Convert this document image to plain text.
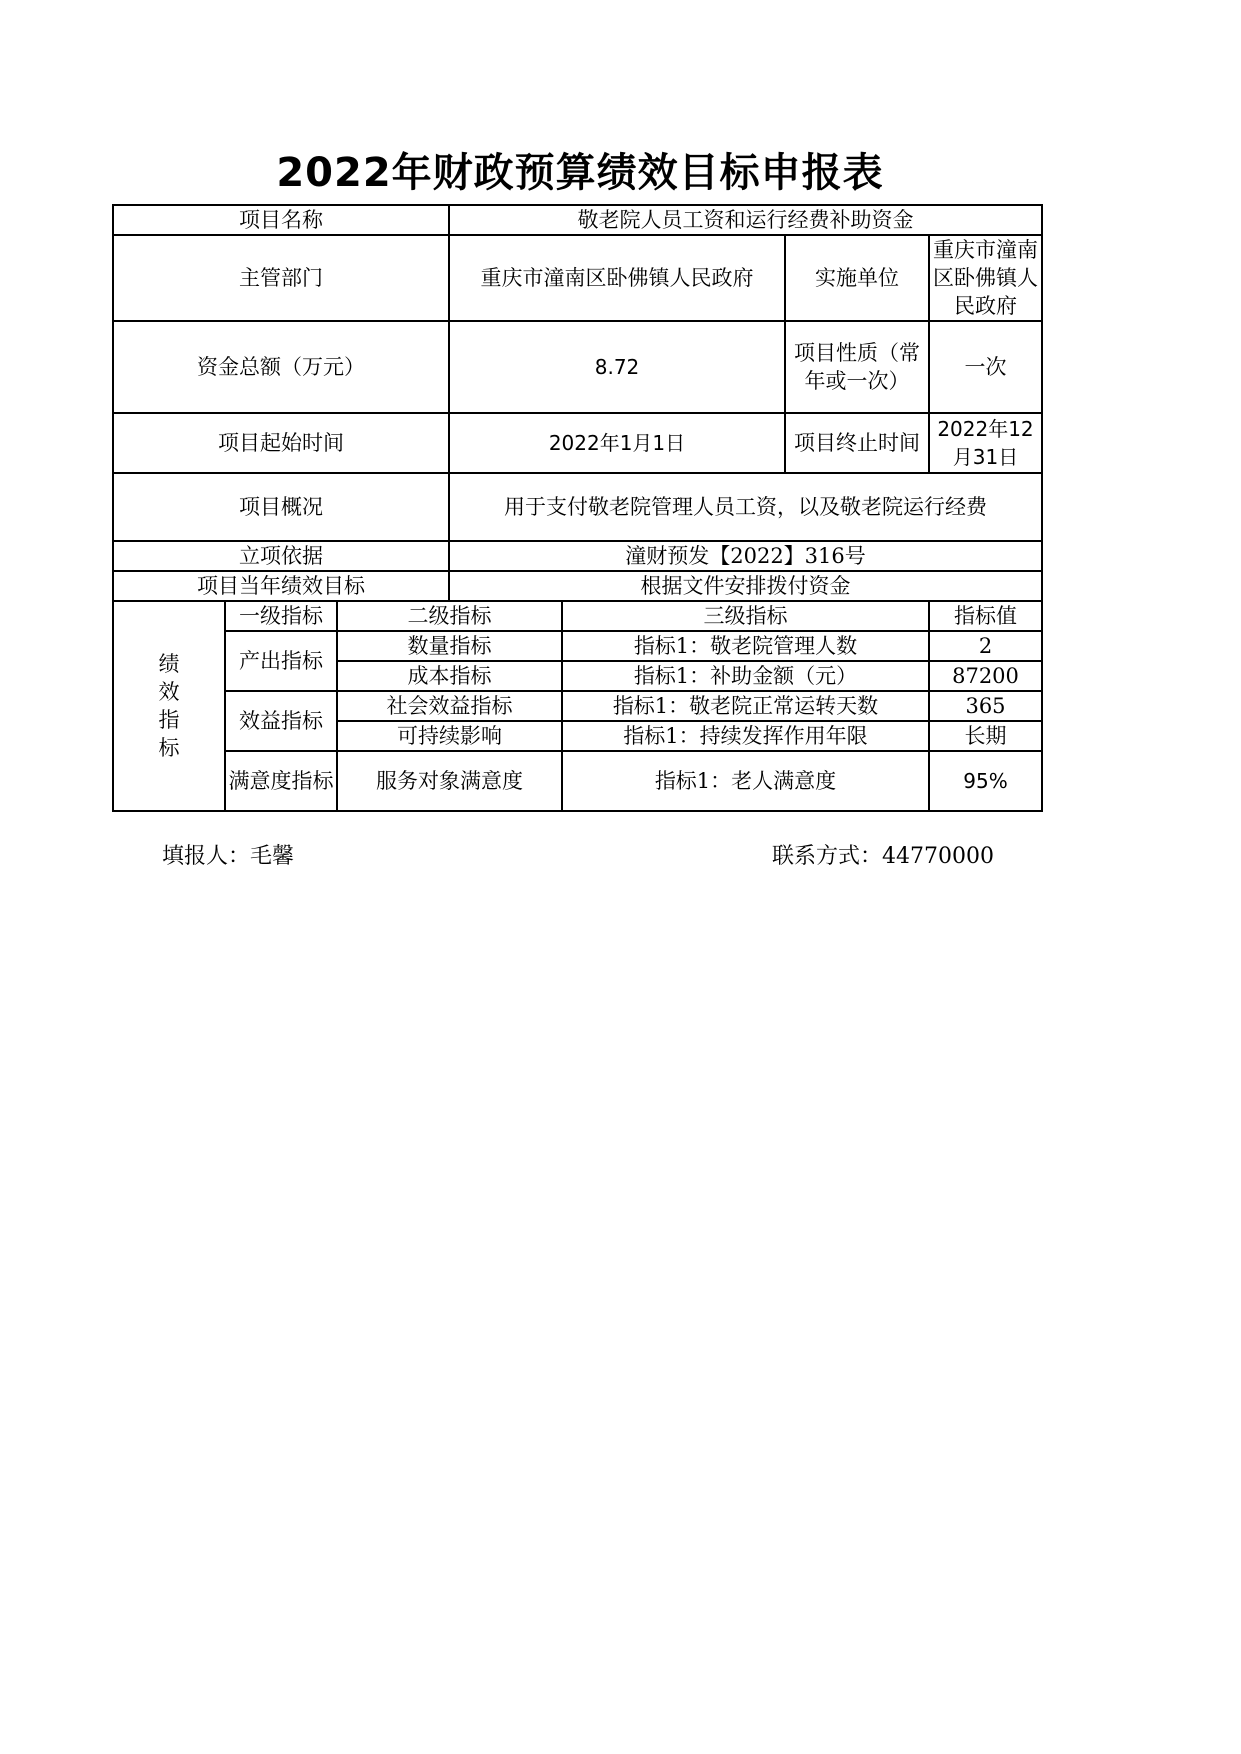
2022年财政预算绩效目标申报表
项目名称			敬老院人员工资和运行经费补助资金			
主管部门			重庆市潼南区卧佛镇人民政府		实施单位	重庆市潼南区卧佛镇人民政府
资金总额（万元）			8.72		项目性质（常年或一次）	一次
项目起始时间			2022年1月1日		项目终止时间	2022年12月31日
项目概况			用于支付敬老院管理人员工资，以及敬老院运行经费			
立项依据			潼财预发【2022】316号			
项目当年绩效目标			根据文件安排拨付资金			
绩
效
指
标	一级指标	二级指标		三级指标		指标值
	产出指标	数量指标		指标1：敬老院管理人数		2
		成本指标		指标1：补助金额（元）		87200
	效益指标	社会效益指标		指标1：敬老院正常运转天数		365
		可持续影响		指标1：持续发挥作用年限		长期
	满意度指标	服务对象满意度		指标1：老人满意度		95%
填报人：毛馨	联系方式：44770000
